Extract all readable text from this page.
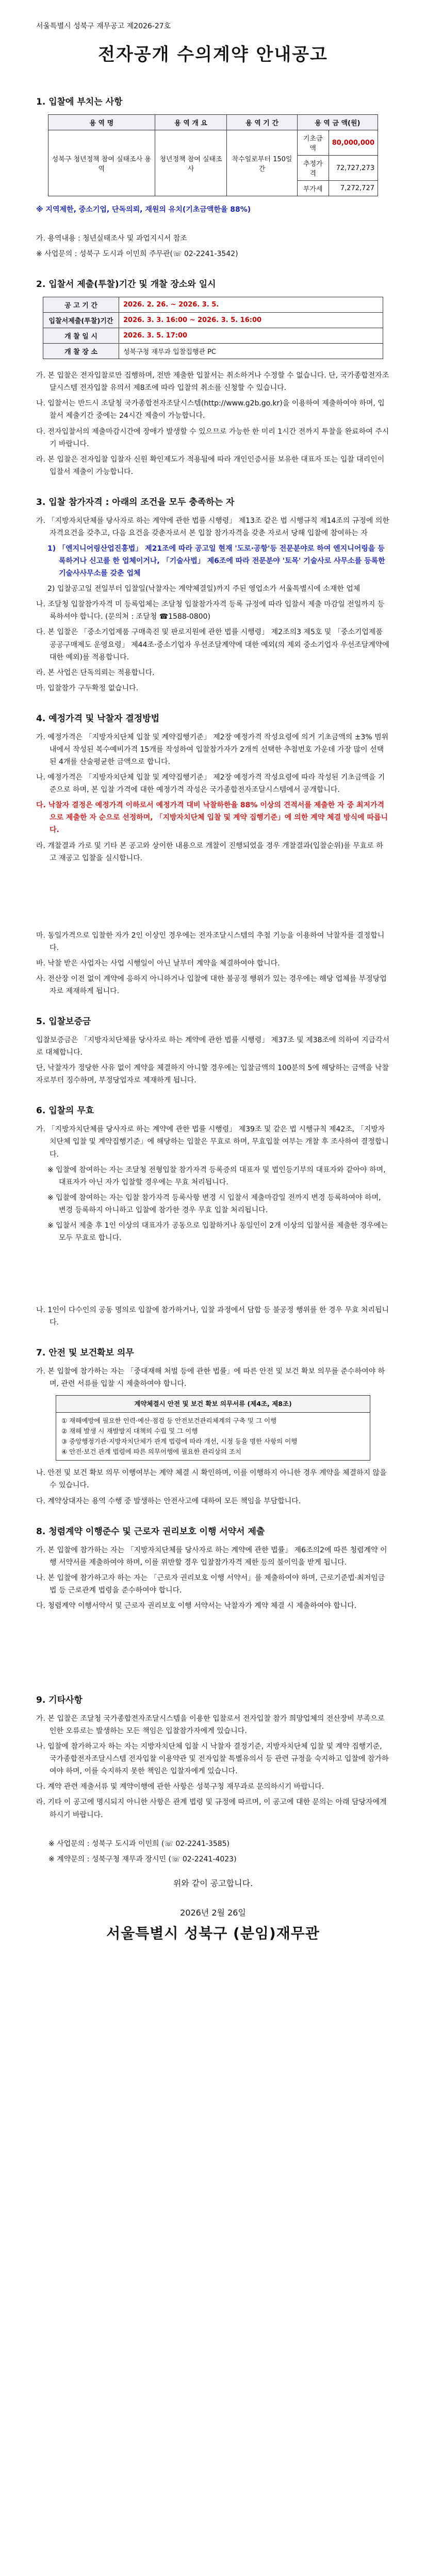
서울특별시 성북구 재무공고 제2026-27호

전자공개 수의계약 안내공고

1. 입찰에 부치는 사항

용 역 명	용 역 개 요	용 역 기 간	용 역 금 액(원)	
성북구 청년정책 참여 실태조사 용역	청년정책 참여 실태조사	착수일로부터 150일간	기초금액	80,000,000
			추정가격	72,727,273
			부가세	7,272,727

※ 지역제한, 중소기업, 단독의뢰, 재원의 유치(기초금액한율 88%)

가. 용역내용 : 청년실태조사 및 과업지시서 참조

※ 사업문의 : 성북구 도시과 이민희 주무관(☏ 02-2241-3542)

2. 입찰서 제출(투찰)기간 및 개찰 장소와 일시

공 고 기 간	2026. 2. 26. ~ 2026. 3. 5.
입찰서제출(투찰)기간	2026. 3. 3. 16:00 ~ 2026. 3. 5. 16:00
개 찰 일 시	2026. 3. 5. 17:00
개 찰 장 소	성북구청 재무과 입찰집행관 PC

가. 본 입찰은 전자입찰로만 집행하며, 전반 제출한 입찰서는 취소하거나 수정할 수 없습니다. 단, 국가종합전자조달시스템 전자입찰 유의서 제8조에 따라 입찰의 취소를 신청할 수 있습니다.

나. 입찰서는 반드시 조달청 국가종합전자조달시스템(http://www.g2b.go.kr)을 이용하여 제출하여야 하며, 입찰서 제출기간 중에는 24시간 제출이 가능합니다.

다. 전자입찰서의 제출마감시간에 장애가 발생할 수 있으므로 가능한 한 미리 1시간 전까지 투찰을 완료하여 주시기 바랍니다.

라. 본 입찰은 전자입찰 입찰자 신원 확인제도가 적용됨에 따라 개인인증서를 보유한 대표자 또는 입찰 대리인이 입찰서 제출이 가능합니다.

3. 입찰 참가자격 : 아래의 조건을 모두 충족하는 자

가. 「지방자치단체를 당사자로 하는 계약에 관한 법률 시행령」 제13조 같은 법 시행규칙 제14조의 규정에 의한 자격요건을 갖추고, 다음 요건을 갖춘자로서 본 입찰 참가자격을 갖춘 자로서 당해 입찰에 참여하는 자

1) 「엔지니어링산업진흥법」 제21조에 따라 공고일 현재 '도로·공항'등 전문분야로 하여 엔지니어링을 등록하거나 신고를 한 업체이거나, 「기술사법」 제6조에 따라 전문분야 '토목' 기술사로 사무소를 등록한 기술사사무소를 갖춘 업체

2) 입찰공고일 전일부터 입찰일(낙찰자는 계약체결일)까지 주된 영업소가 서울특별시에 소재한 업체

나. 조달청 입찰참가자격 미 등록업체는 조달청 입찰참가자격 등록 규정에 따라 입찰서 제출 마감일 전일까지 등록하셔야 합니다. (문의처 : 조달청 ☎1588-0800)

다. 본 입찰은 「중소기업제품 구매촉진 및 판로지원에 관한 법률 시행령」 제2조의3 제5호 및 「중소기업제품 공공구매제도 운영요령」 제44조·중소기업자 우선조달계약에 대한 예외(의 제외 중소기업자 우선조달계약에 대한 예외)를 적용합니다.

라. 본 사업은 단독의뢰는 적용합니다.

마. 입찰참가 구두확정 없습니다.

4. 예정가격 및 낙찰자 결정방법

가. 예정가격은 「지방자치단체 입찰 및 계약집행기준」 제2장 예정가격 작성요령에 의거 기초금액의 ±3% 범위 내에서 작성된 복수예비가격 15개를 작성하여 입찰참가자가 2개씩 선택한 추첨번호 가운데 가장 많이 선택된 4개를 산술평균한 금액으로 합니다.

나. 예정가격은 「지방자치단체 입찰 및 계약집행기준」 제2장 예정가격 작성요령에 따라 작성된 기초금액을 기준으로 하며, 본 입찰 가격에 대한 예정가격 작성은 국가종합전자조달시스템에서 공개합니다.

다. 낙찰자 결정은 예정가격 이하로서 예정가격 대비 낙찰하한율 88% 이상의 견적서를 제출한 자 중 최저가격으로 제출한 자 순으로 선정하며, 「지방자치단체 입찰 및 계약 집행기준」에 의한 계약 체결 방식에 따릅니다.

라. 개찰결과 가로 및 기타 본 공고와 상이한 내용으로 개찰이 진행되었을 경우 개찰결과(입찰순위)를 무효로 하고 재공고 입찰을 실시합니다.

마. 동일가격으로 입찰한 자가 2인 이상인 경우에는 전자조달시스템의 추첨 기능을 이용하여 낙찰자를 결정합니다.

바. 낙찰 받은 사업자는 사업 시행일이 아닌 날부터 계약을 체결하여야 합니다.

사. 전산장 이전 없이 계약에 응하지 아니하거나 입찰에 대한 불공정 행위가 있는 경우에는 해당 업체를 부정당업자로 제재하게 됩니다.

5. 입찰보증금

입찰보증금은 「지방자치단체를 당사자로 하는 계약에 관한 법률 시행령」 제37조 및 제38조에 의하여 지급각서로 대체합니다.

단, 낙찰자가 정당한 사유 없이 계약을 체결하지 아니할 경우에는 입찰금액의 100분의 5에 해당하는 금액을 낙찰자로부터 징수하며, 부정당업자로 제재하게 됩니다.

6. 입찰의 무효

가. 「지방자치단체를 당사자로 하는 계약에 관한 법률 시행령」 제39조 및 같은 법 시행규칙 제42조, 「지방자치단체 입찰 및 계약집행기준」에 해당하는 입찰은 무효로 하며, 무효입찰 여부는 개찰 후 조사하여 결정합니다.

※ 입찰에 참여하는 자는 조달청 전형입찰 참가자격 등록증의 대표자 및 법인등기부의 대표자와 같아야 하며, 대표자가 아닌 자가 입찰할 경우에는 무효 처리됩니다.

※ 입찰에 참여하는 자는 입찰 참가자격 등록사항 변경 시 입찰서 제출마감일 전까지 변경 등록하여야 하며, 변경 등록하지 아니하고 입찰에 참가한 경우 무효 입찰 처리됩니다.

※ 입찰서 제출 후 1인 이상의 대표자가 공동으로 입찰하거나 동일인이 2개 이상의 입찰서를 제출한 경우에는 모두 무효로 합니다.

나. 1인이 다수인의 공동 명의로 입찰에 참가하거나, 입찰 과정에서 담합 등 불공정 행위를 한 경우 무효 처리됩니다.

7. 안전 및 보건확보 의무

가. 본 입찰에 참가하는 자는 「중대재해 처벌 등에 관한 법률」에 따른 안전 및 보건 확보 의무를 준수하여야 하며, 관련 서류를 입찰 시 제출하여야 합니다.

계약체결시 안전 및 보건 확보 의무서류 (제4조, 제8조)

① 재해예방에 필요한 인력·예산·점검 등 안전보건관리체계의 구축 및 그 이행
② 재해 발생 시 재발방지 대책의 수립 및 그 이행
③ 중앙행정기관·지방자치단체가 관계 법령에 따라 개선, 시정 등을 명한 사항의 이행
④ 안전·보건 관계 법령에 따른 의무이행에 필요한 관리상의 조치

나. 안전 및 보건 확보 의무 이행여부는 계약 체결 시 확인하며, 이를 이행하지 아니한 경우 계약을 체결하지 않을 수 있습니다.

다. 계약상대자는 용역 수행 중 발생하는 안전사고에 대하여 모든 책임을 부담합니다.

8. 청렴계약 이행준수 및 근로자 권리보호 이행 서약서 제출

가. 본 입찰에 참가하는 자는 「지방자치단체를 당사자로 하는 계약에 관한 법률」 제6조의2에 따른 청렴계약 이행 서약서를 제출하여야 하며, 이를 위반할 경우 입찰참가자격 제한 등의 불이익을 받게 됩니다.

나. 본 입찰에 참가하고자 하는 자는 「근로자 권리보호 이행 서약서」를 제출하여야 하며, 근로기준법·최저임금법 등 근로관계 법령을 준수하여야 합니다.

다. 청렴계약 이행서약서 및 근로자 권리보호 이행 서약서는 낙찰자가 계약 체결 시 제출하여야 합니다.

9. 기타사항

가. 본 입찰은 조달청 국가종합전자조달시스템을 이용한 입찰로서 전자입찰 참가 희망업체의 전산장비 부족으로 인한 오류로는 발생하는 모든 책임은 입찰참가자에게 있습니다.

나. 입찰에 참가하고자 하는 자는 지방자치단체 입찰 시 낙찰자 결정기준, 지방자치단체 입찰 및 계약 집행기준, 국가종합전자조달시스템 전자입찰 이용약관 및 전자입찰 특별유의서 등 관련 규정을 숙지하고 입찰에 참가하여야 하며, 이를 숙지하지 못한 책임은 입찰자에게 있습니다.

다. 계약 관련 제출서류 및 계약이행에 관한 사항은 성북구청 재무과로 문의하시기 바랍니다.

라. 기타 이 공고에 명시되지 아니한 사항은 관계 법령 및 규정에 따르며, 이 공고에 대한 문의는 아래 담당자에게 하시기 바랍니다.

※ 사업문의 : 성북구 도시과 이민희 (☏ 02-2241-3585)

※ 계약문의 : 성북구청 재무과 장시민 (☏ 02-2241-4023)

위와 같이 공고합니다.

2026년 2월 26일

서울특별시 성북구 (분임)재무관
